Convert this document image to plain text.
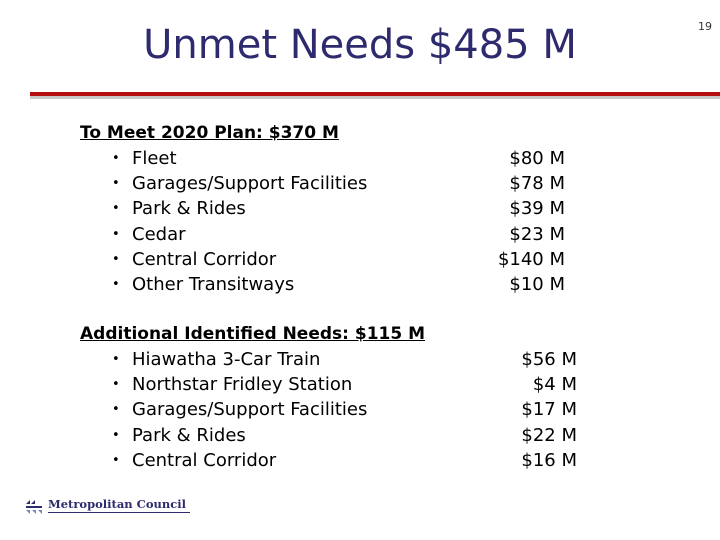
19
Unmet Needs $485 M
To Meet 2020 Plan: $370 M
• Fleet	$80 M
• Garages/Support Facilities	$78 M
• Park & Rides	$39 M
• Cedar	$23 M
• Central Corridor	$140 M
• Other Transitways	$10 M
Additional Identified Needs: $115 M
• Hiawatha 3-Car Train	$56 M
• Northstar Fridley Station	$4 M
• Garages/Support Facilities	$17 M
• Park & Rides	$22 M
• Central Corridor	$16 M
Metropolitan Council
